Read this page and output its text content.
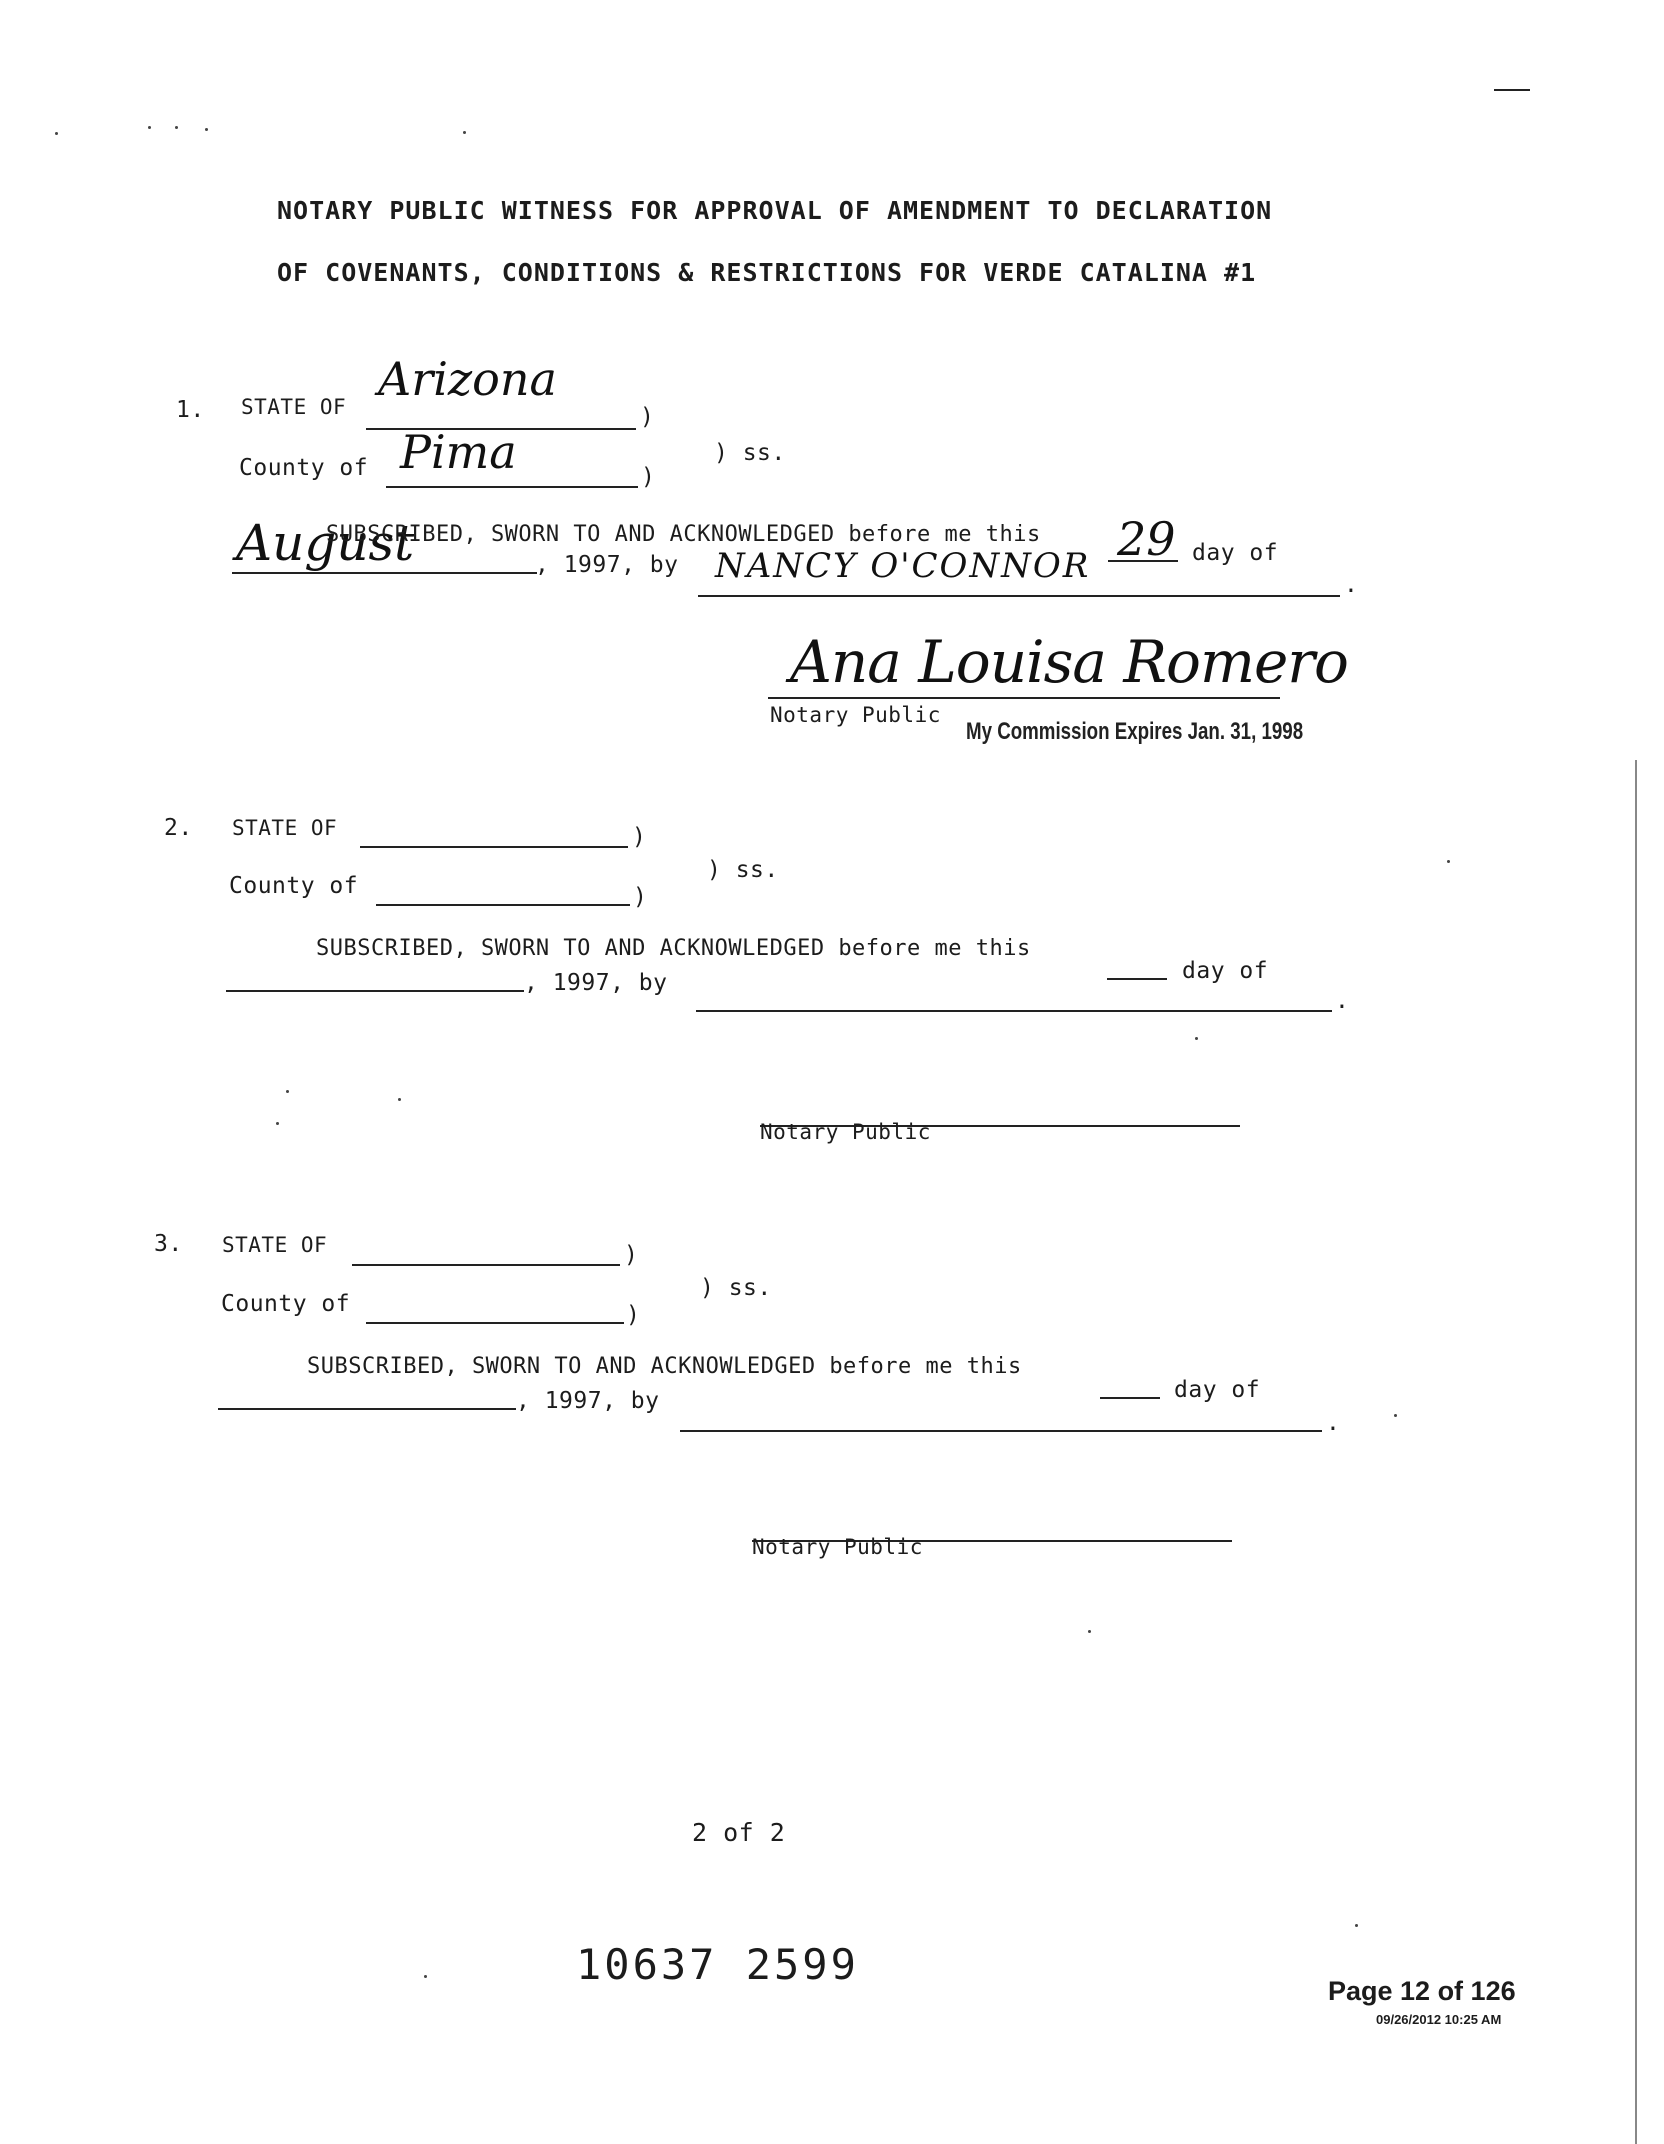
NOTARY PUBLIC WITNESS FOR APPROVAL OF AMENDMENT TO DECLARATION
OF COVENANTS, CONDITIONS & RESTRICTIONS FOR VERDE CATALINA #1
1. STATE OF
Arizona
)
County of Pima	)
) ss.
August
SUBSCRIBED, SWORN TO AND ACKNOWLEDGED before me this 29 day of
, 1997, by NANCY O'CONNOR	.
Ana Louisa Romero
Notary Public
My Commission Expires Jan. 31, 1998
2. STATE OF	)
County of	)
) ss.
SUBSCRIBED, SWORN TO AND ACKNOWLEDGED before me this
day of
, 1997, by
.
Notary Public
3. STATE OF	)
County of	)
) ss.
SUBSCRIBED, SWORN TO AND ACKNOWLEDGED before me this
day of
, 1997, by
.
Notary Public
2 of 2
10637 2599
Page 12 of 126
09/26/2012 10:25 AM
